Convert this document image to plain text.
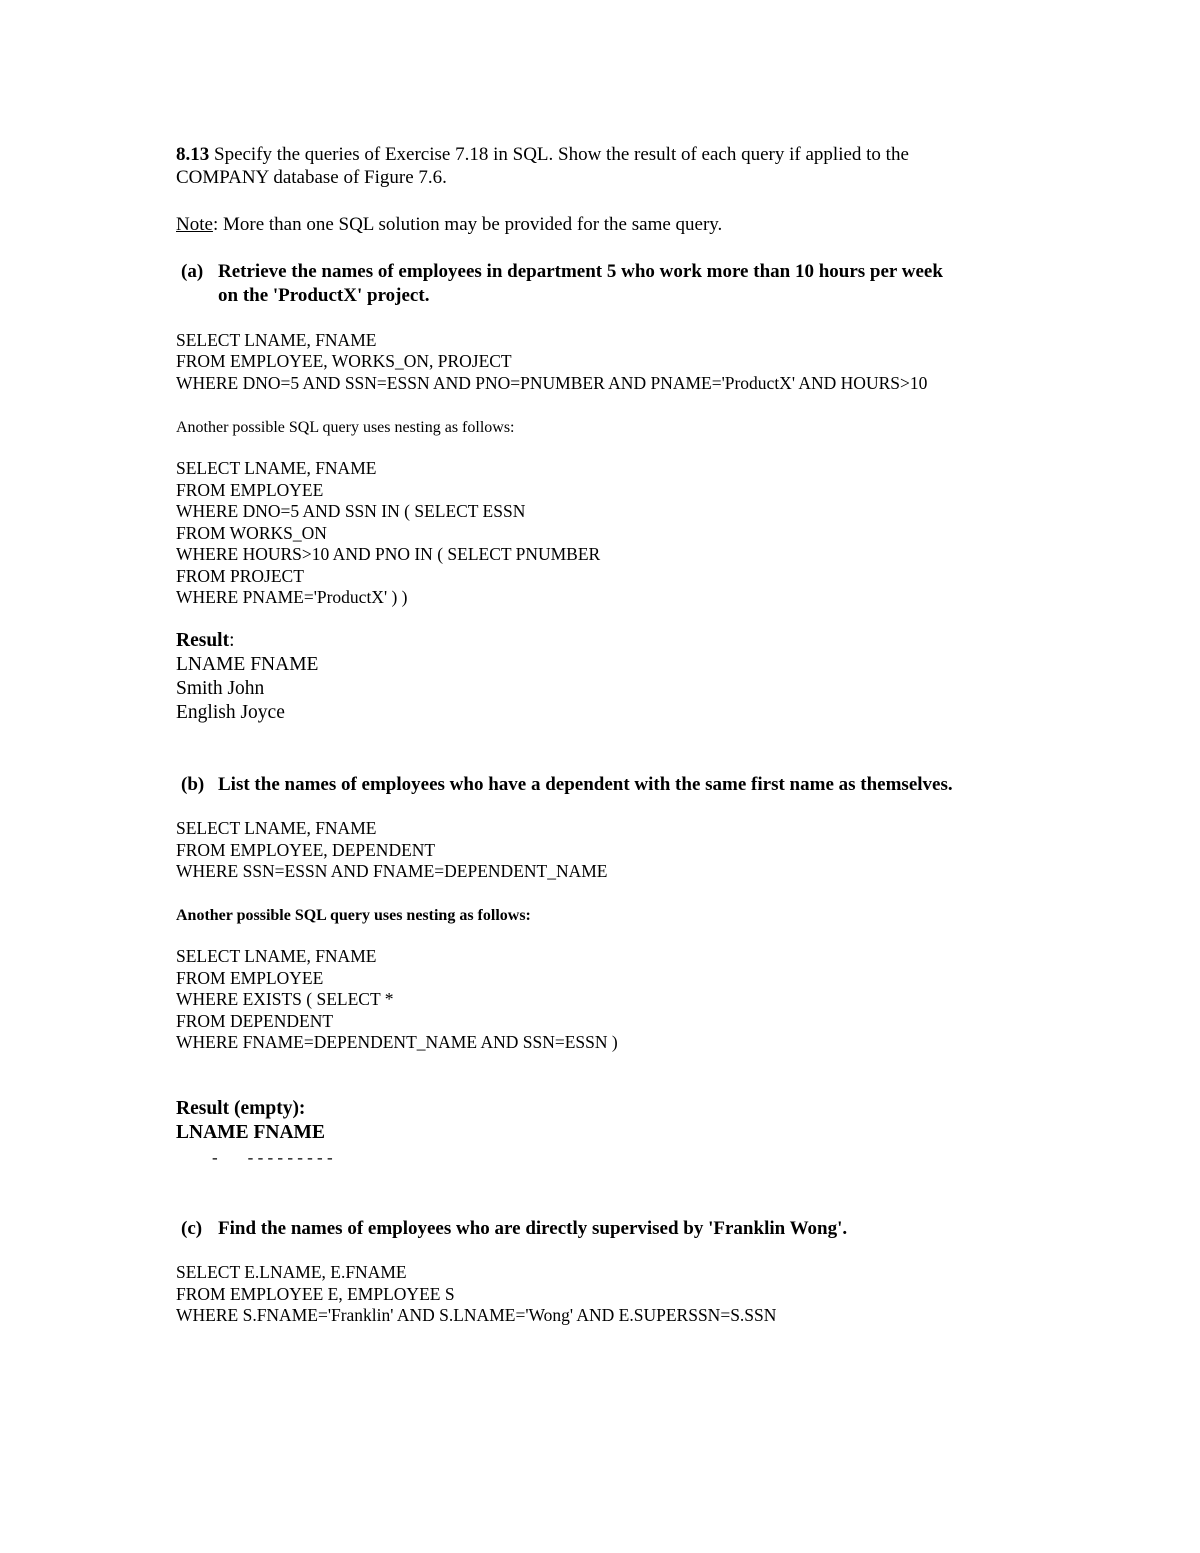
8.13 Specify the queries of Exercise 7.18 in SQL. Show the result of each query if applied to the
COMPANY database of Figure 7.6.
Note: More than one SQL solution may be provided for the same query.
(a) Retrieve the names of employees in department 5 who work more than 10 hours per week
on the 'ProductX' project.
SELECT LNAME, FNAME
FROM EMPLOYEE, WORKS_ON, PROJECT
WHERE DNO=5 AND SSN=ESSN AND PNO=PNUMBER AND PNAME='ProductX' AND HOURS>10
Another possible SQL query uses nesting as follows:
SELECT LNAME, FNAME
FROM EMPLOYEE
WHERE DNO=5 AND SSN IN ( SELECT ESSN
FROM WORKS_ON
WHERE HOURS>10 AND PNO IN ( SELECT PNUMBER
FROM PROJECT
WHERE PNAME='ProductX' ) )
Result:
LNAME FNAME
Smith John
English Joyce
(b) List the names of employees who have a dependent with the same first name as themselves.
SELECT LNAME, FNAME
FROM EMPLOYEE, DEPENDENT
WHERE SSN=ESSN AND FNAME=DEPENDENT_NAME
Another possible SQL query uses nesting as follows:
SELECT LNAME, FNAME
FROM EMPLOYEE
WHERE EXISTS ( SELECT *
FROM DEPENDENT
WHERE FNAME=DEPENDENT_NAME AND SSN=ESSN )
Result (empty):
LNAME FNAME
- - - - - - - - - -
(c) Find the names of employees who are directly supervised by 'Franklin Wong'.
SELECT E.LNAME, E.FNAME
FROM EMPLOYEE E, EMPLOYEE S
WHERE S.FNAME='Franklin' AND S.LNAME='Wong' AND E.SUPERSSN=S.SSN
